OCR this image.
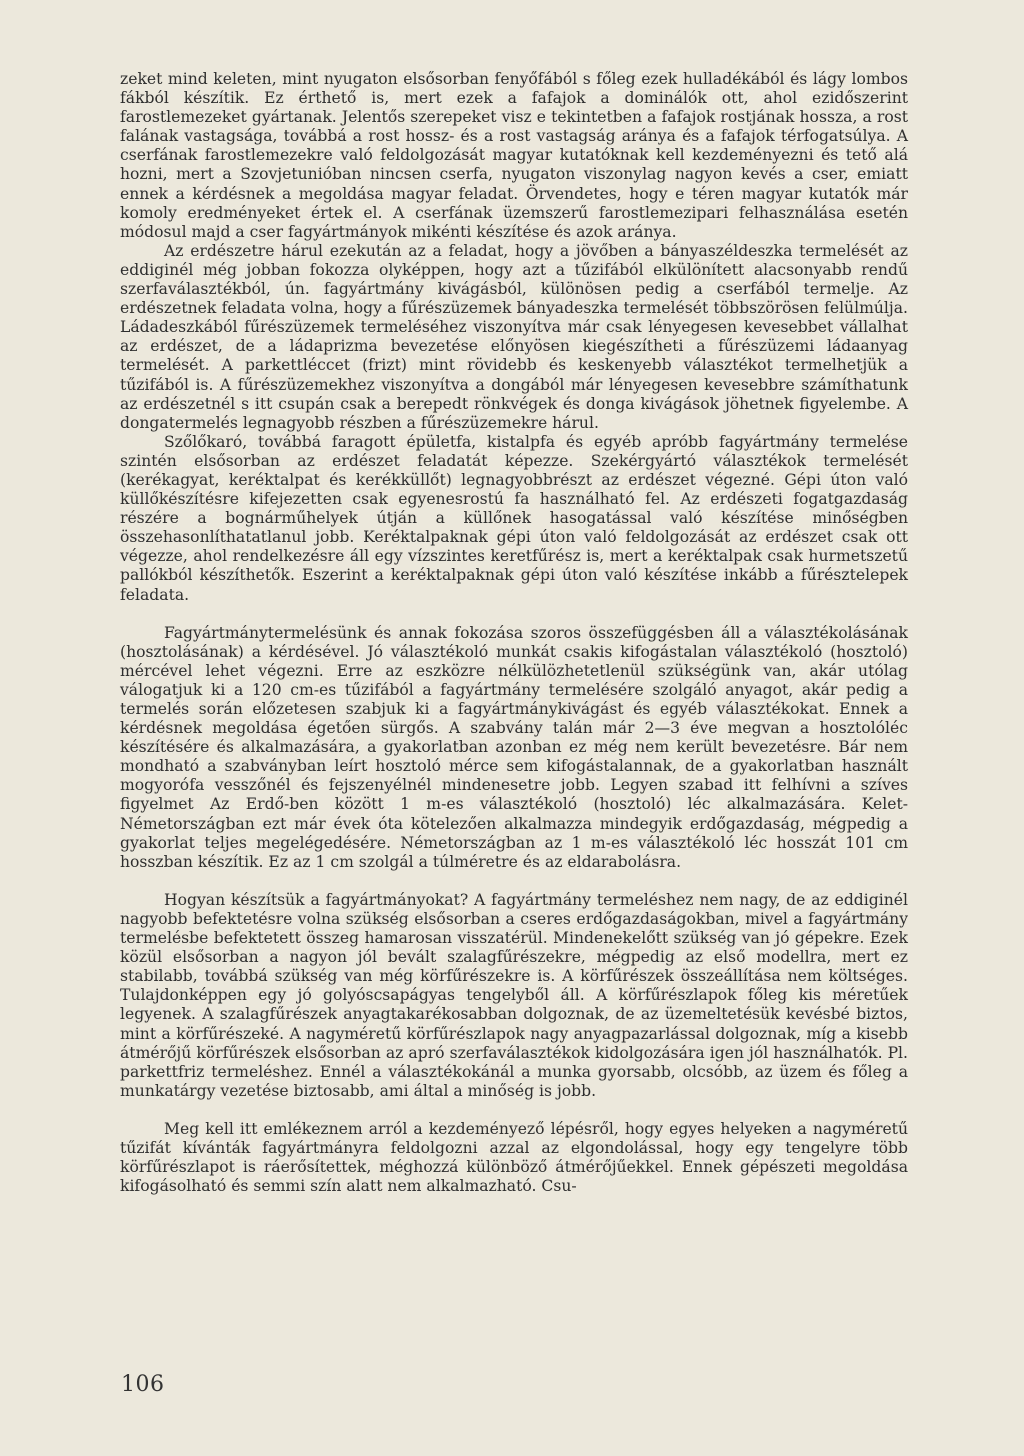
zeket mind keleten, mint nyugaton elsősorban fenyőfából s főleg ezek hulladékából és lágy lombos fákból készítik. Ez érthető is, mert ezek a fafajok a dominálók ott, ahol ezidőszerint farostlemezeket gyártanak. Jelentős szerepeket visz e tekintetben a fafajok rostjának hossza, a rost falának vastagsága, továbbá a rost hossz- és a rost vastagság aránya és a fafajok térfogatsúlya. A cserfának farostlemezekre való feldolgozását magyar kutatóknak kell kezdeményezni és tető alá hozni, mert a Szovjetunióban nincsen cserfa, nyugaton viszonylag nagyon kevés a cser, emiatt ennek a kérdésnek a megoldása magyar feladat. Örvendetes, hogy e téren magyar kutatók már komoly eredményeket értek el. A cserfának üzemszerű farostlemezipari felhasználása esetén módosul majd a cser fagyártmányok mikénti készítése és azok aránya.

Az erdészetre hárul ezekután az a feladat, hogy a jövőben a bányaszéldeszka termelését az eddiginél még jobban fokozza olyképpen, hogy azt a tűzifából elkülönített alacsonyabb rendű szerfaválasztékból, ún. fagyártmány kivágásból, különösen pedig a cserfából termelje. Az erdészetnek feladata volna, hogy a fűrészüzemek bányadeszka termelését többszörösen felülmúlja. Ládadeszkából fűrészüzemek termeléséhez viszonyítva már csak lényegesen kevesebbet vállalhat az erdészet, de a ládaprizma bevezetése előnyösen kiegészítheti a fűrészüzemi ládaanyag termelését. A parkettléccet (frizt) mint rövidebb és keskenyebb választékot termelhetjük a tűzifából is. A fűrészüzemekhez viszonyítva a dongából már lényegesen kevesebbre számíthatunk az erdészetnél s itt csupán csak a berepedt rönkvégek és donga kivágások jöhetnek figyelembe. A dongatermelés legnagyobb részben a fűrészüzemekre hárul.

Szőlőkaró, továbbá faragott épületfa, kistalpfa és egyéb apróbb fagyártmány termelése szintén elsősorban az erdészet feladatát képezze. Szekérgyártó választékok termelését (kerékagyat, keréktalpat és kerékküllőt) legnagyobbrészt az erdészet végezné. Gépi úton való küllőkészítésre kifejezetten csak egyenesrostú fa használható fel. Az erdészeti fogatgazdaság részére a bognárműhelyek útján a küllőnek hasogatással való készítése minőségben összehasonlíthatatlanul jobb. Keréktalpaknak gépi úton való feldolgozását az erdészet csak ott végezze, ahol rendelkezésre áll egy vízszintes keretfűrész is, mert a keréktalpak csak hurmetszetű pallókból készíthetők. Eszerint a keréktalpaknak gépi úton való készítése inkább a fűrésztelepek feladata.

Fagyártmánytermelésünk és annak fokozása szoros összefüggésben áll a választékolásának (hosztolásának) a kérdésével. Jó választékoló munkát csakis kifogástalan választékoló (hosztoló) mércével lehet végezni. Erre az eszközre nélkülözhetetlenül szükségünk van, akár utólag válogatjuk ki a 120 cm-es tűzifából a fagyártmány termelésére szolgáló anyagot, akár pedig a termelés során előzetesen szabjuk ki a fagyártmánykivágást és egyéb választékokat. Ennek a kérdésnek megoldása égetően sürgős. A szabvány talán már 2—3 éve megvan a hosztolóléc készítésére és alkalmazására, a gyakorlatban azonban ez még nem került bevezetésre. Bár nem mondható a szabványban leírt hosztoló mérce sem kifogástalannak, de a gyakorlatban használt mogyorófa vesszőnél és fejszenyélnél mindenesetre jobb. Legyen szabad itt felhívni a szíves figyelmet Az Erdő-ben között 1 m-es választékoló (hosztoló) léc alkalmazására. Kelet-Németországban ezt már évek óta kötelezően alkalmazza mindegyik erdőgazdaság, mégpedig a gyakorlat teljes megelégedésére. Németországban az 1 m-es választékoló léc hosszát 101 cm hosszban készítik. Ez az 1 cm szolgál a túlméretre és az eldarabolásra.

Hogyan készítsük a fagyártmányokat? A fagyártmány termeléshez nem nagy, de az eddiginél nagyobb befektetésre volna szükség elsősorban a cseres erdőgazdaságokban, mivel a fagyártmány termelésbe befektetett összeg hamarosan visszatérül. Mindenekelőtt szükség van jó gépekre. Ezek közül elsősorban a nagyon jól bevált szalagfűrészekre, mégpedig az első modellra, mert ez stabilabb, továbbá szükség van még körfűrészekre is. A körfűrészek összeállítása nem költséges. Tulajdonképpen egy jó golyóscsapágyas tengelyből áll. A körfűrészlapok főleg kis méretűek legyenek. A szalagfűrészek anyagtakarékosabban dolgoznak, de az üzemeltetésük kevésbé biztos, mint a körfűrészeké. A nagyméretű körfűrészlapok nagy anyagpazarlással dolgoznak, míg a kisebb átmérőjű körfűrészek elsősorban az apró szerfaválasztékok kidolgozására igen jól használhatók. Pl. parkettfriz termeléshez. Ennél a választékokánál a munka gyorsabb, olcsóbb, az üzem és főleg a munkatárgy vezetése biztosabb, ami által a minőség is jobb.

Meg kell itt emlékeznem arról a kezdeményező lépésről, hogy egyes helyeken a nagyméretű tűzifát kívánták fagyártmányra feldolgozni azzal az elgondolással, hogy egy tengelyre több körfűrészlapot is ráerősítettek, méghozzá különböző átmérőjűekkel. Ennek gépészeti megoldása kifogásolható és semmi szín alatt nem alkalmazható. Csu-

106
